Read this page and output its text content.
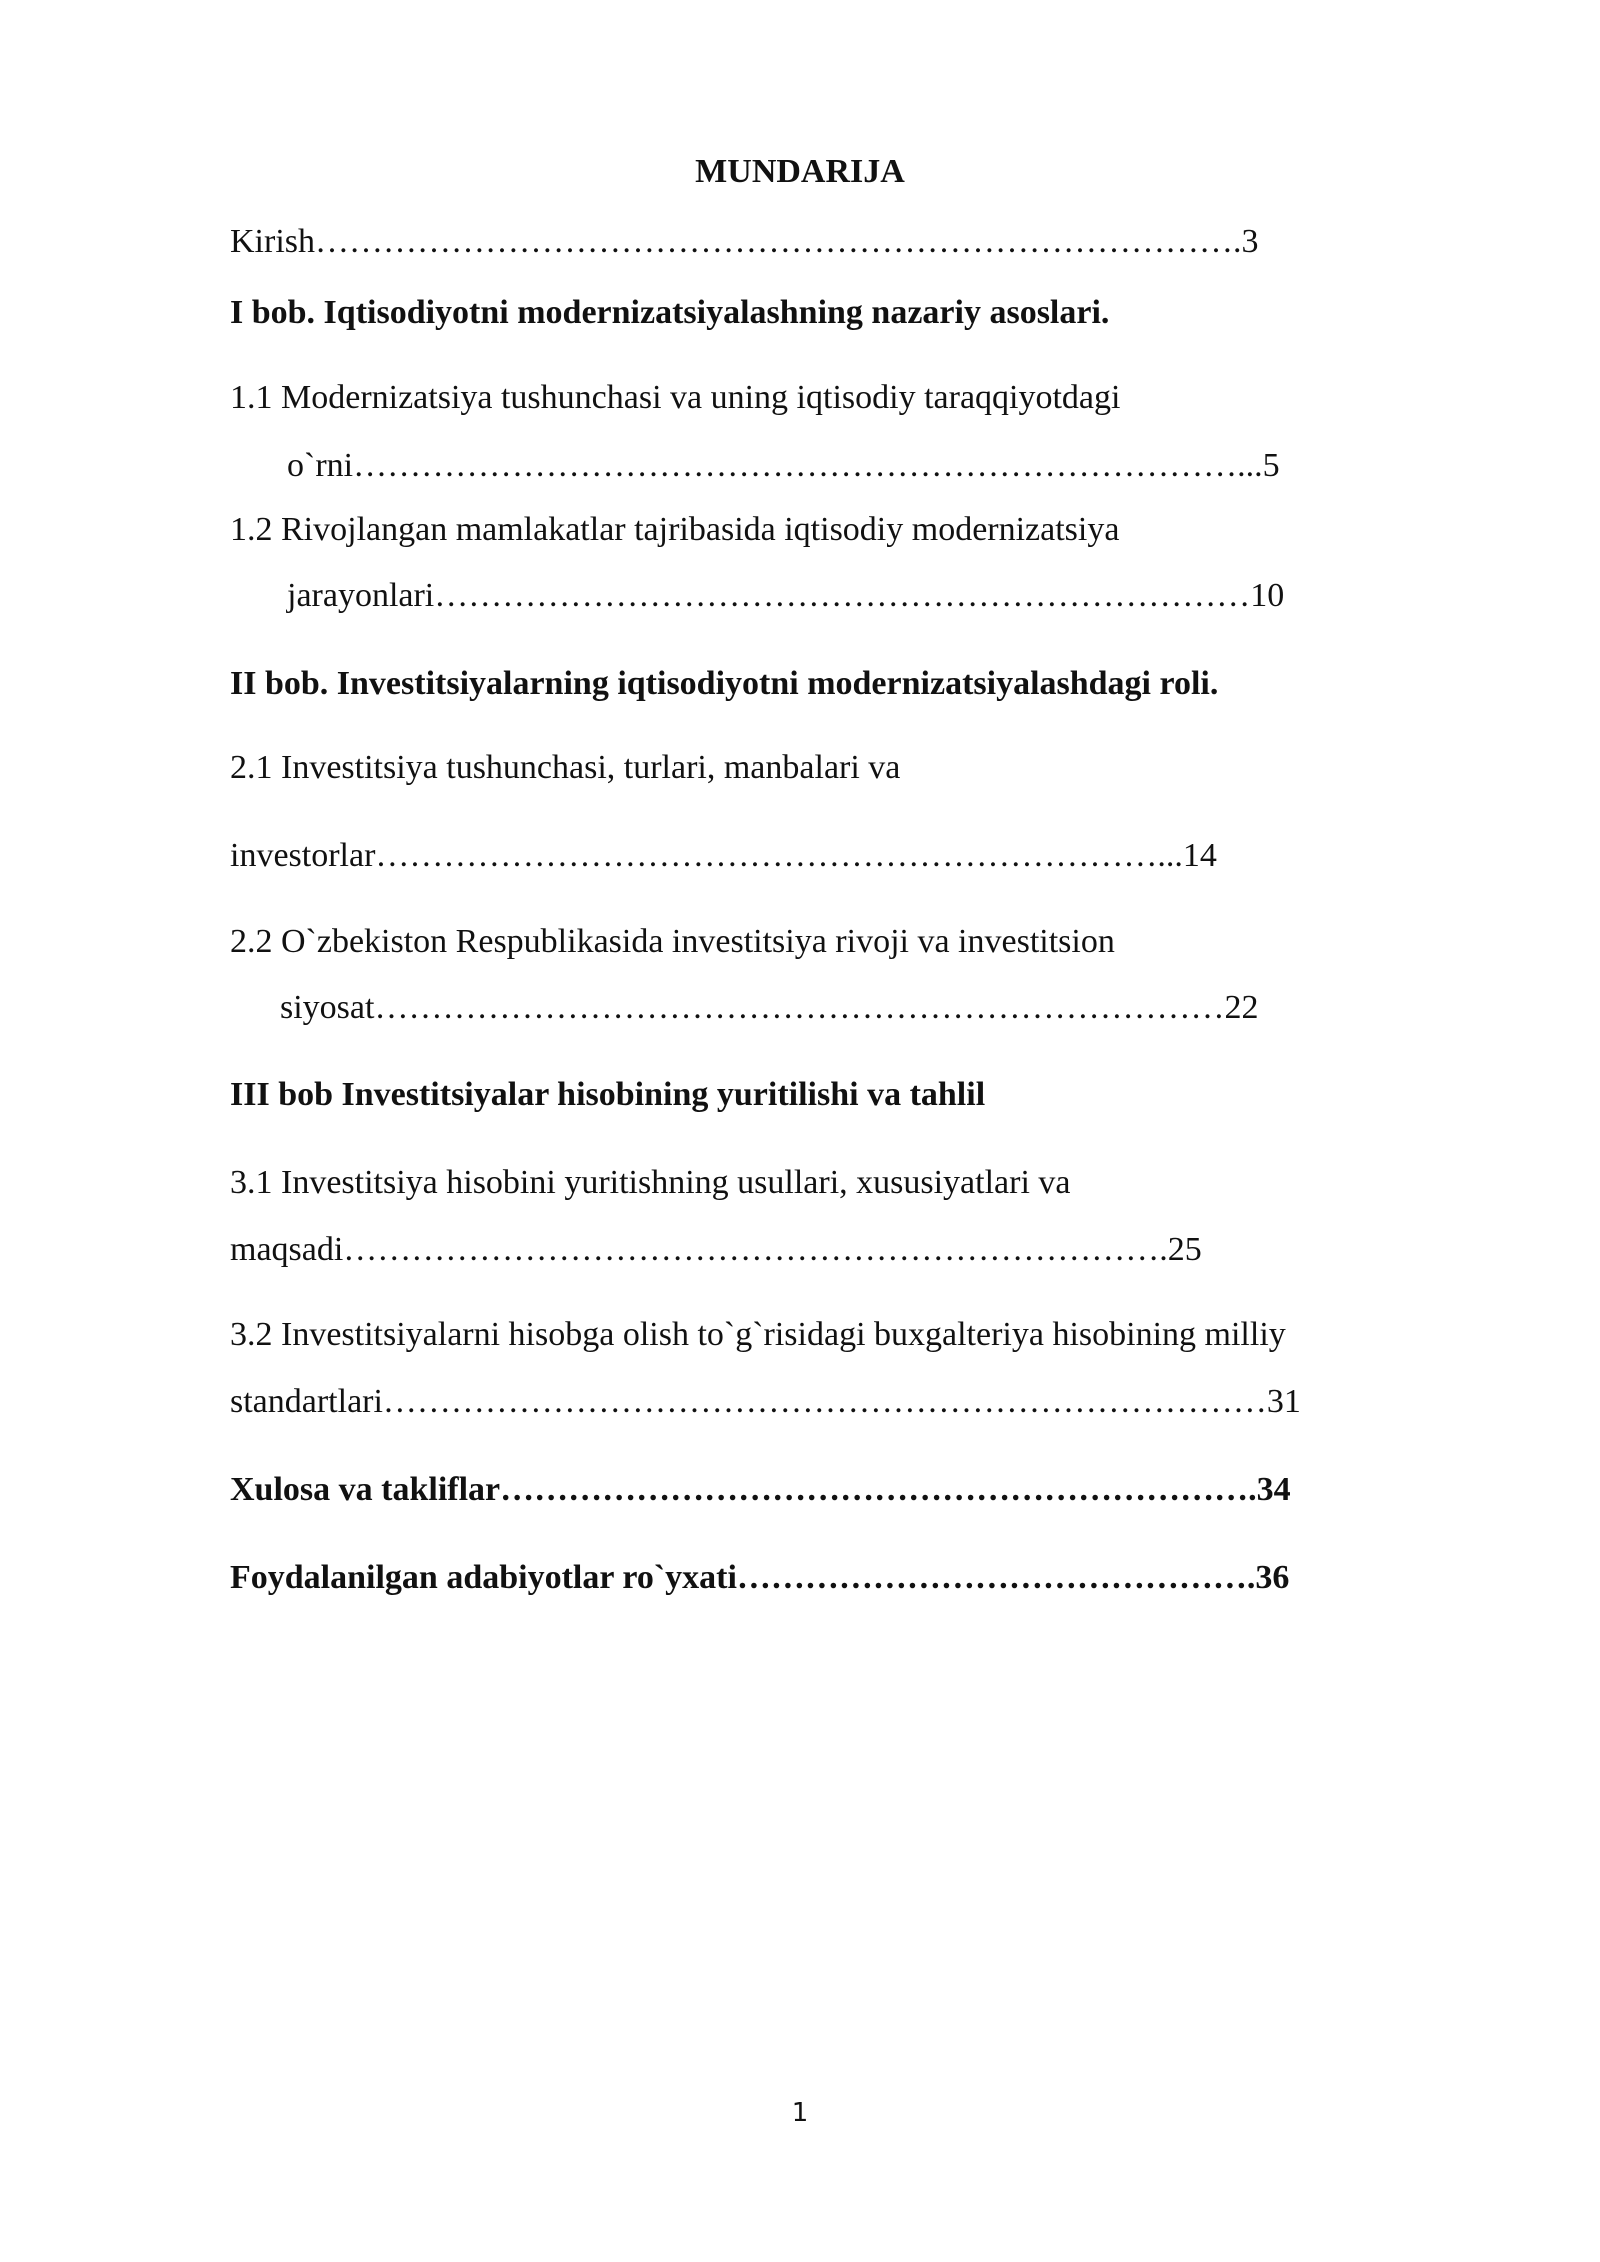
MUNDARIJA
Kirish……………………………………………………………………….3
I bob. Iqtisodiyotni modernizatsiyalashning nazariy asoslari.
1.1 Modernizatsiya tushunchasi va uning iqtisodiy taraqqiyotdagi
o`rni……………………………………………………………………...5
1.2 Rivojlangan mamlakatlar tajribasida iqtisodiy modernizatsiya
jarayonlari………………………………………………………………10
II bob. Investitsiyalarning iqtisodiyotni modernizatsiyalashdagi roli.
2.1 Investitsiya tushunchasi, turlari, manbalari va
investorlar……………………………………………………………...14
2.2 O`zbekiston Respublikasida investitsiya rivoji va investitsion
siyosat…………………………………………………………………22
III bob Investitsiyalar hisobining yuritilishi va tahlil
3.1 Investitsiya hisobini yuritishning usullari, xususiyatlari va
maqsadi……………………………………………………………….25
3.2 Investitsiyalarni hisobga olish to`g`risidagi buxgalteriya hisobining milliy
standartlari……………………………………………………………………31
Xulosa va takliflar………………………………………………………….34
Foydalanilgan adabiyotlar ro`yxati……………………………………….36
1
